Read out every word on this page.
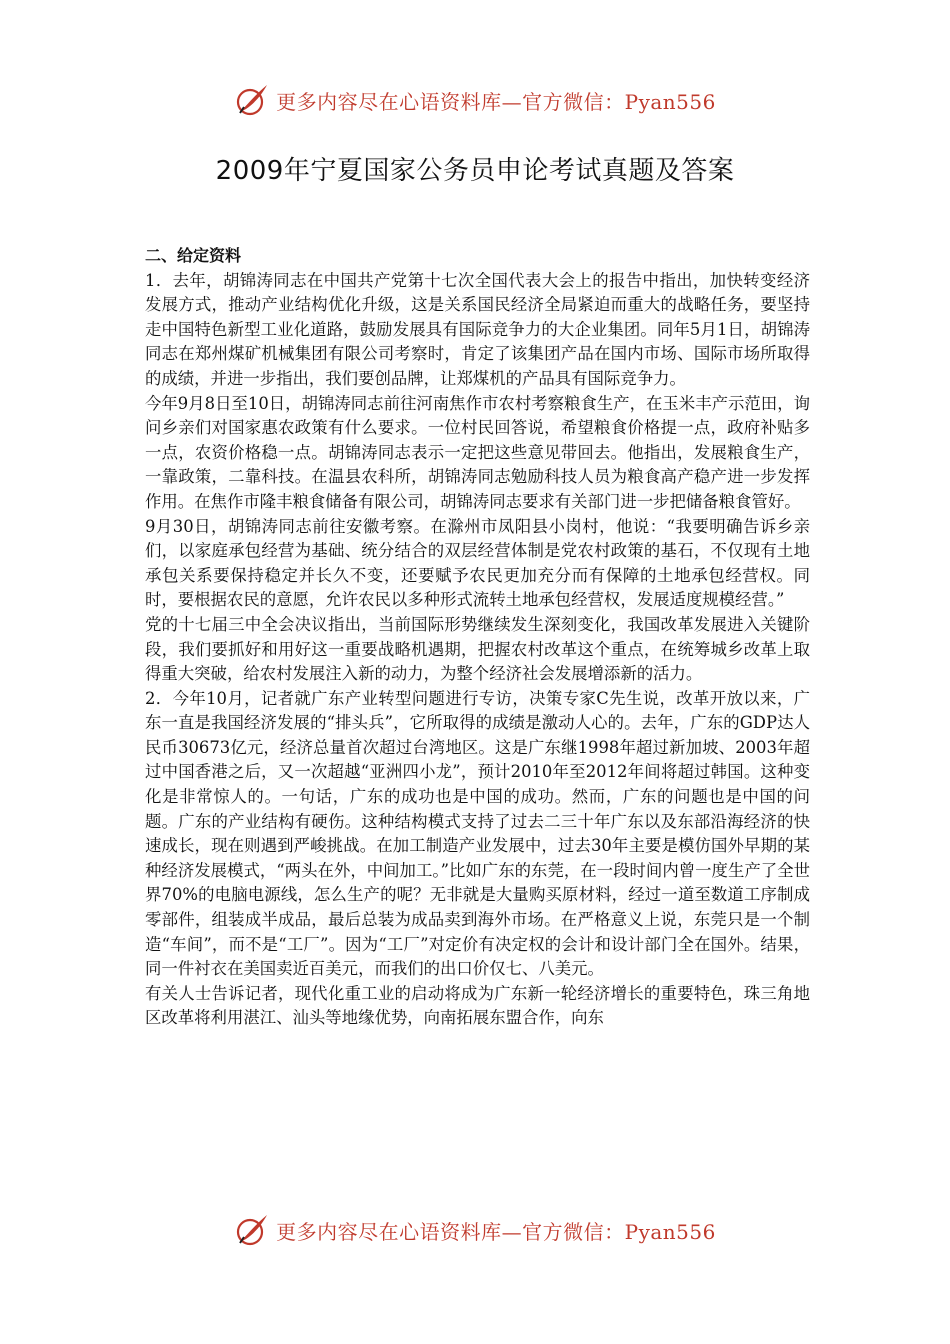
更多内容尽在心语资料库—官方微信：Pyan556
2009年宁夏国家公务员申论考试真题及答案
二、给定资料

1．去年，胡锦涛同志在中国共产党第十七次全国代表大会上的报告中指出，加快转变经济发展方式，推动产业结构优化升级，这是关系国民经济全局紧迫而重大的战略任务，要坚持走中国特色新型工业化道路，鼓励发展具有国际竞争力的大企业集团。同年5月1日，胡锦涛同志在郑州煤矿机械集团有限公司考察时，肯定了该集团产品在国内市场、国际市场所取得的成绩，并进一步指出，我们要创品牌，让郑煤机的产品具有国际竞争力。

今年9月8日至10日，胡锦涛同志前往河南焦作市农村考察粮食生产，在玉米丰产示范田，询问乡亲们对国家惠农政策有什么要求。一位村民回答说，希望粮食价格提一点，政府补贴多一点，农资价格稳一点。胡锦涛同志表示一定把这些意见带回去。他指出，发展粮食生产，一靠政策，二靠科技。在温县农科所，胡锦涛同志勉励科技人员为粮食高产稳产进一步发挥作用。在焦作市隆丰粮食储备有限公司，胡锦涛同志要求有关部门进一步把储备粮食管好。

9月30日，胡锦涛同志前往安徽考察。在滁州市凤阳县小岗村，他说：“我要明确告诉乡亲们，以家庭承包经营为基础、统分结合的双层经营体制是党农村政策的基石，不仅现有土地承包关系要保持稳定并长久不变，还要赋予农民更加充分而有保障的土地承包经营权。同时，要根据农民的意愿，允许农民以多种形式流转土地承包经营权，发展适度规模经营。”

党的十七届三中全会决议指出，当前国际形势继续发生深刻变化，我国改革发展进入关键阶段，我们要抓好和用好这一重要战略机遇期，把握农村改革这个重点，在统筹城乡改革上取得重大突破，给农村发展注入新的动力，为整个经济社会发展增添新的活力。

2．今年10月，记者就广东产业转型问题进行专访，决策专家C先生说，改革开放以来，广东一直是我国经济发展的“排头兵”，它所取得的成绩是激动人心的。去年，广东的GDP达人民币30673亿元，经济总量首次超过台湾地区。这是广东继1998年超过新加坡、2003年超过中国香港之后，又一次超越“亚洲四小龙”，预计2010年至2012年间将超过韩国。这种变化是非常惊人的。一句话，广东的成功也是中国的成功。然而，广东的问题也是中国的问题。广东的产业结构有硬伤。这种结构模式支持了过去二三十年广东以及东部沿海经济的快速成长，现在则遇到严峻挑战。在加工制造产业发展中，过去30年主要是模仿国外早期的某种经济发展模式，“两头在外，中间加工。”比如广东的东莞，在一段时间内曾一度生产了全世界70%的电脑电源线，怎么生产的呢？无非就是大量购买原材料，经过一道至数道工序制成零部件，组装成半成品，最后总装为成品卖到海外市场。在严格意义上说，东莞只是一个制造“车间”，而不是“工厂”。因为“工厂”对定价有决定权的会计和设计部门全在国外。结果，同一件衬衣在美国卖近百美元，而我们的出口价仅七、八美元。

有关人士告诉记者，现代化重工业的启动将成为广东新一轮经济增长的重要特色，珠三角地区改革将利用湛江、汕头等地缘优势，向南拓展东盟合作，向东

更多内容尽在心语资料库—官方微信：Pyan556
